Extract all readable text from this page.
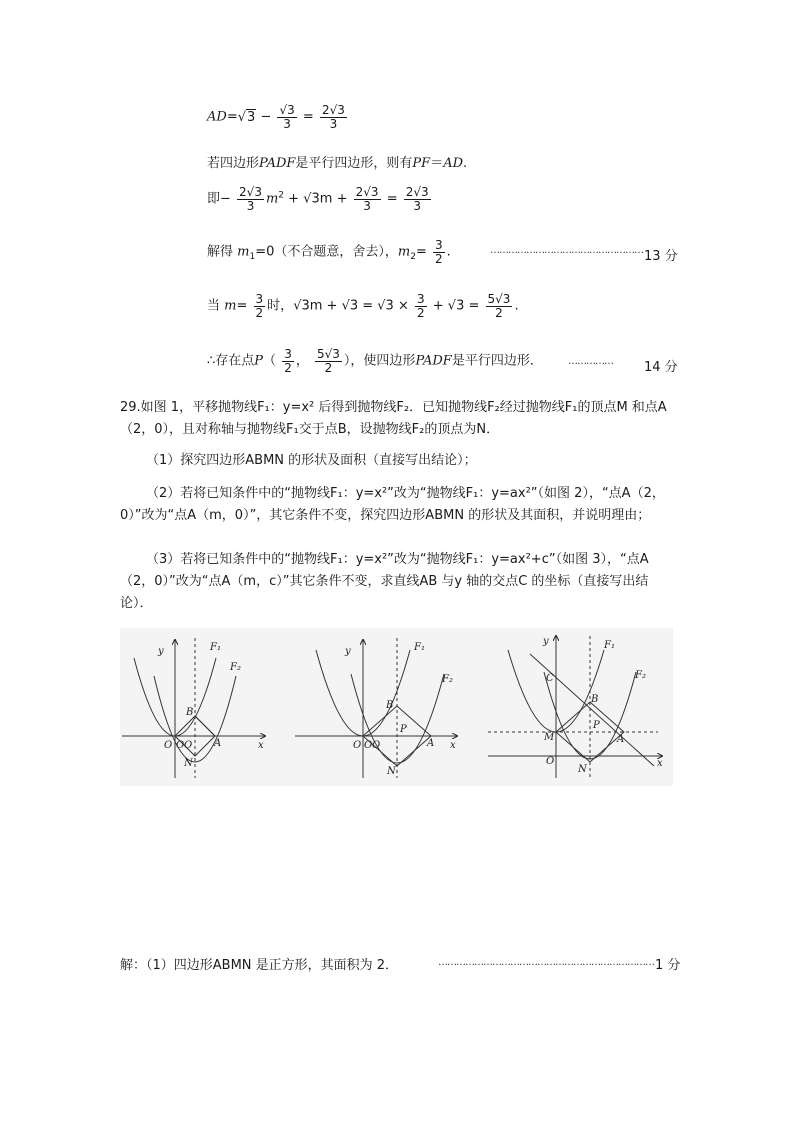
$AD=√3 - \frac{√3}{3} = \frac{2√3}{3}$
若四边形PADF是平行四边形，则有PF＝AD.
即− $\frac{2√3}{3} m^2 + √3m + \frac{2√3}{3} = \frac{2√3}{3}$
解得 $m_1=0$（不合题意，舍去），$m_2= \frac{3}{2}$ .	…………………………………………… 13 分
当 $m= \frac{3}{2}$ 时，$√3m + √3 = √3 \times \frac{3}{2} + √3 = \frac{5√3}{2}$ .
∴存在点$P( \frac{3}{2}$ ， $\frac{5√3}{2}$ ），使四边形PADF是平行四边形．	…………… 14 分
29.如图 1，平移抛物线F₁：y=x² 后得到抛物线F₂．已知抛物线F₂经过抛物线F₁的顶点M 和点A（2，0），且对称轴与抛物线F₁交于点B，设抛物线F₂的顶点为N．
（1）探究四边形ABMN 的形状及面积（直接写出结论）；
（2）若将已知条件中的“抛物线F₁：y=x²”改为“抛物线F₁：y=ax²”（如图 2），“点A（2，0）”改为“点A（m，0）”，其它条件不变，探究四边形ABMN 的形状及其面积，并说明理由；
（3）若将已知条件中的“抛物线F₁：y=x²”改为“抛物线F₁：y=ax²+c”（如图 3），“点A（2，0）”改为“点A（m，c）”其它条件不变，求直线AB 与y 轴的交点C 的坐标（直接写出结论）．
y
x
O O O
B
A
N
F₁
F₂
y
x
O O O
B
P
A
N
F₁
F₂
y
x
C
M
O
B
P
A
N
F₁
F₂
解：（1）四边形ABMN 是正方形，其面积为 2．	……………………………………………………………… 1 分
